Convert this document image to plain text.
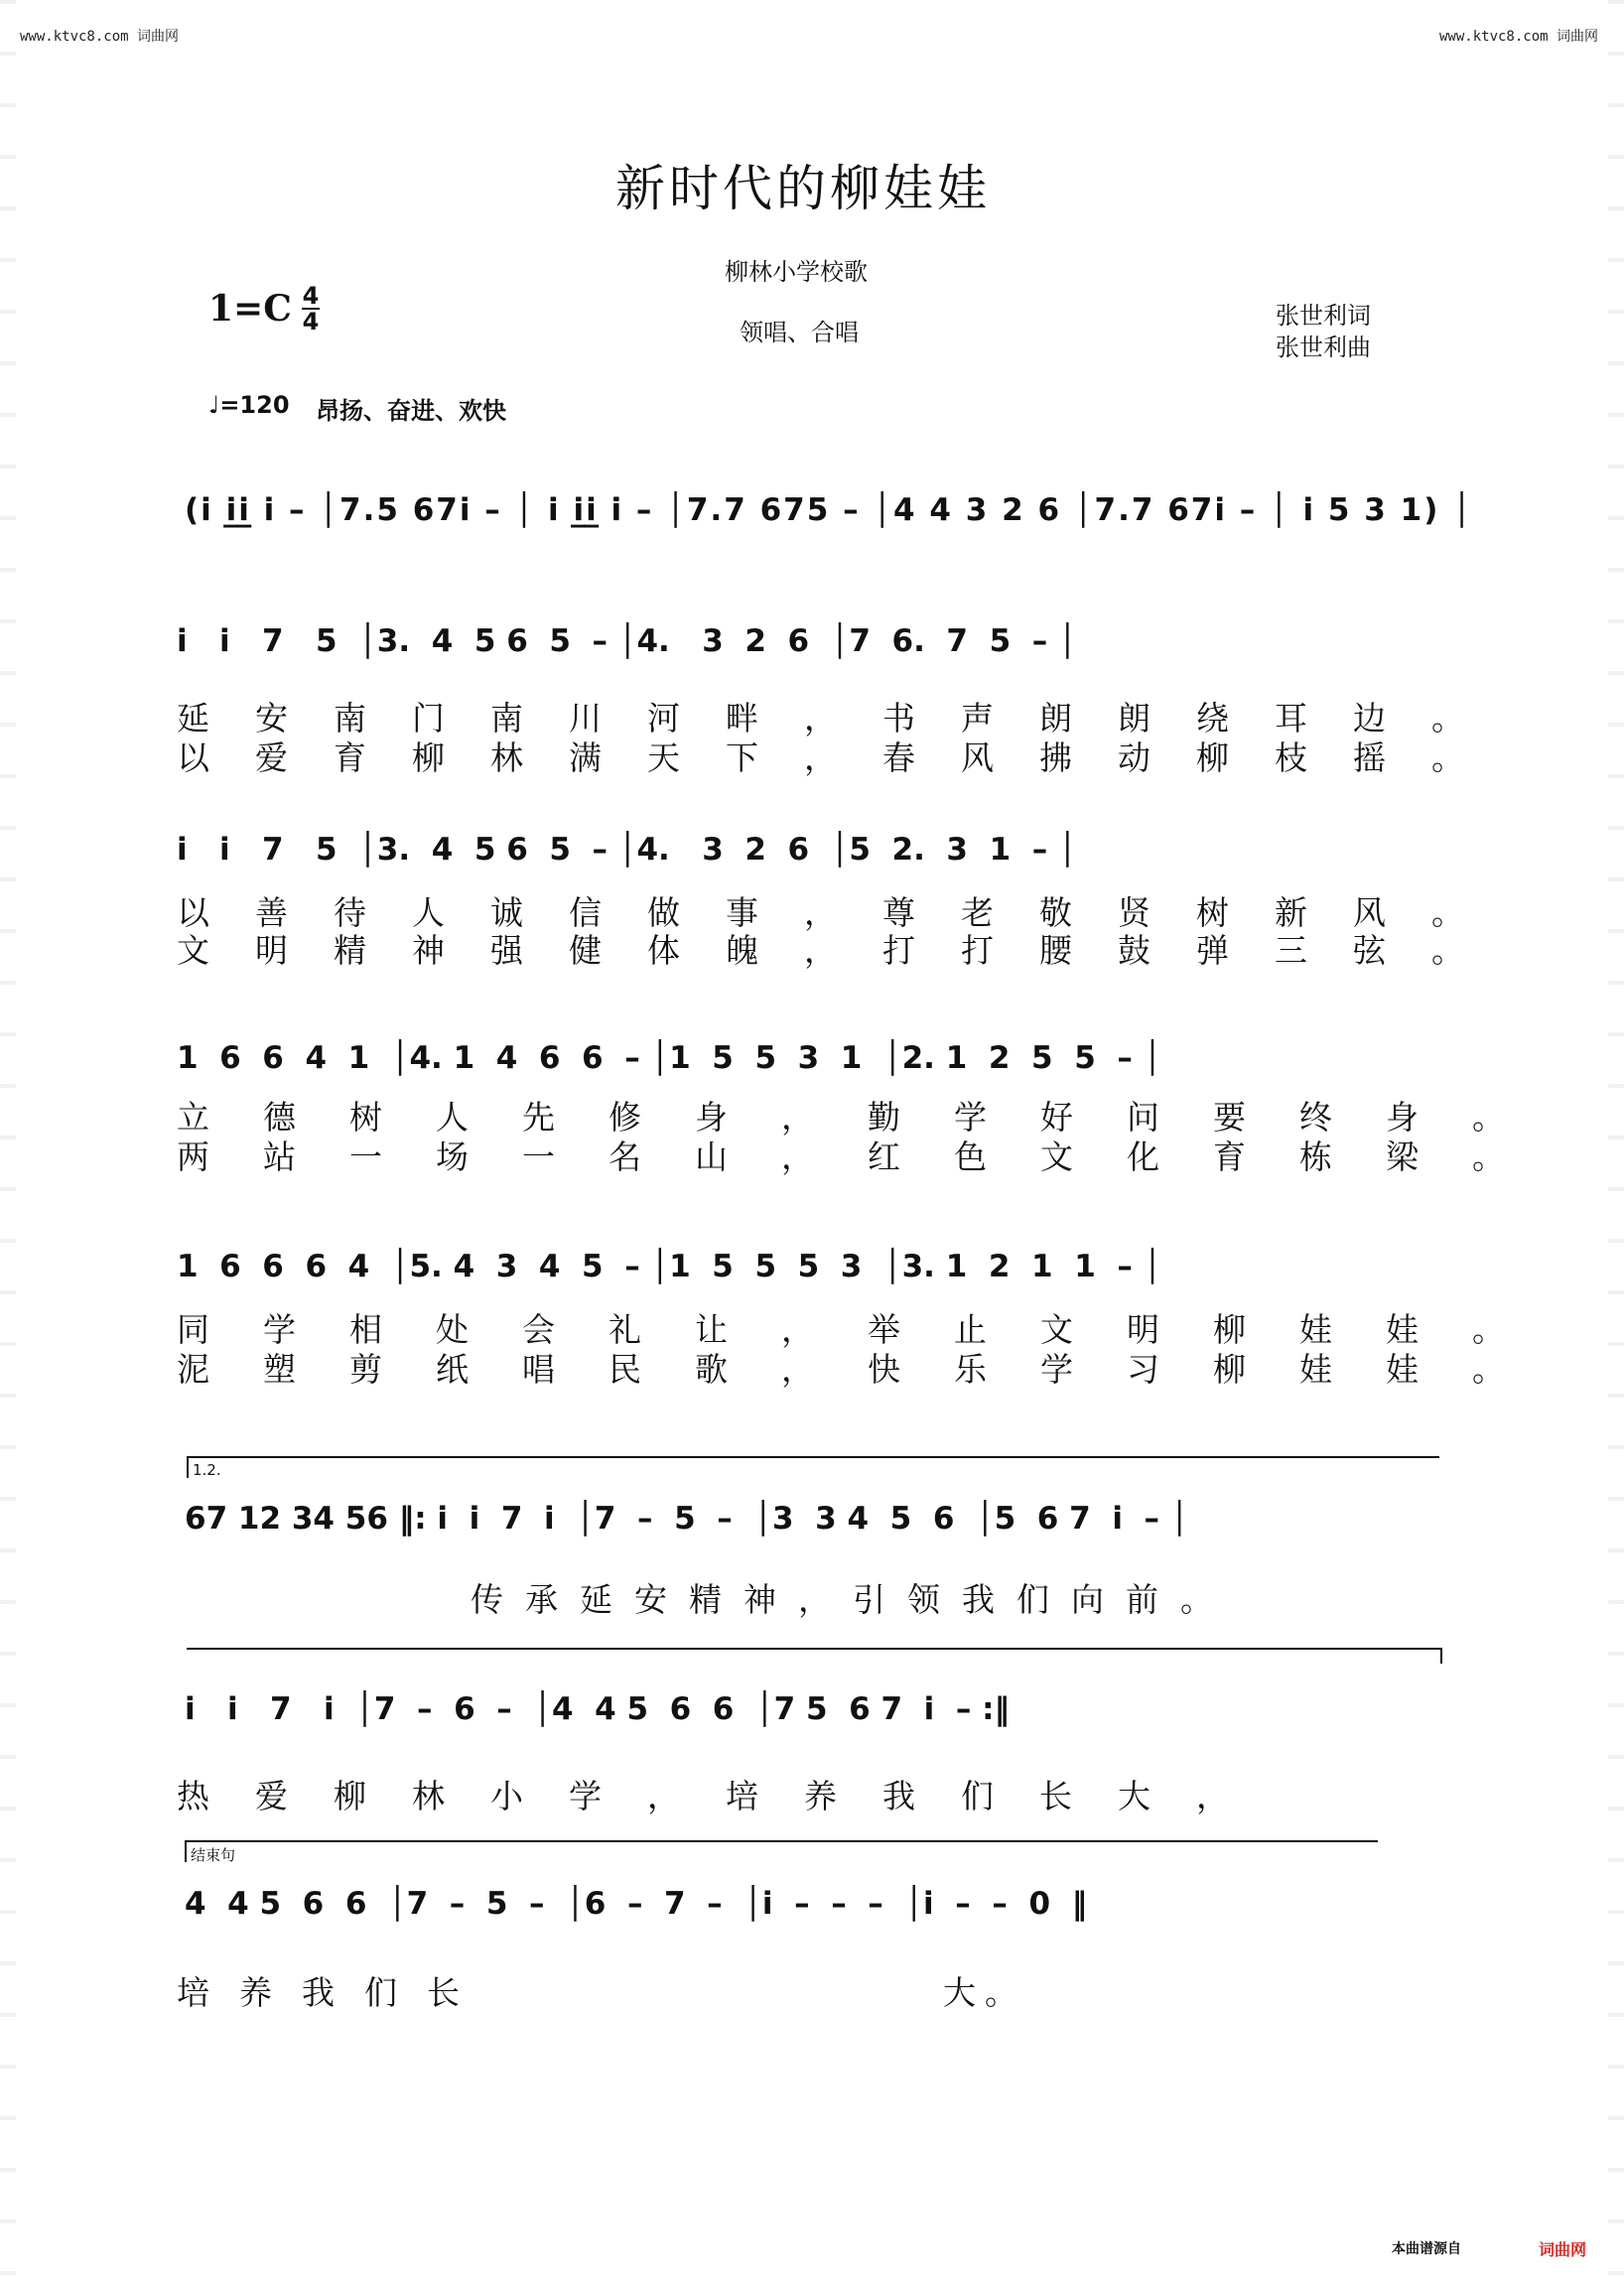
www.ktvc8.com 词曲网	www.ktvc8.com 词曲网
新时代的柳娃娃
柳林小学校歌
领唱、合唱
1=C 4
4	张世利词
张世利曲
♩=120 昂扬、奋进、欢快
(i i̲i̲ i – │7.5 67i – │ i i̲i̲ i – │7.7 675 – │4 4 3 2 6 │7.7 67i – │ i 5 3 1) │
i   i   7   5  │3.  4  5 6  5  – │4.   3  2  6  │7  6.  7  5  – │
延安南门南川河畔，书声朗朗绕耳边。
以爱育柳林满天下，春风拂动柳枝摇。
i   i   7   5  │3.  4  5 6  5  – │4.   3  2  6  │5  2.  3  1  – │
以善待人诚信做事，尊老敬贤树新风。
文明精神强健体魄，打打腰鼓弹三弦。
1  6  6  4  1  │4. 1  4  6  6  – │1  5  5  3  1  │2. 1  2  5  5  – │
立德树人先修身，勤学好问要终身。
两站一场一名山，红色文化育栋梁。
1  6  6  6  4  │5. 4  3  4  5  – │1  5  5  5  3  │3. 1  2  1  1  – │
同学相处会礼让，举止文明柳娃娃。
泥塑剪纸唱民歌，快乐学习柳娃娃。
1.2.
67 12 34 56 ‖: i  i  7  i  │7  –  5  –  │3  3 4  5  6  │5  6 7  i  – │
传承延安精神，引领我们向前。
i   i   7   i  │7  –  6  –  │4  4 5  6  6  │7 5  6 7  i  – :‖
热爱柳林小学，培养我们长大，
结束句
4  4 5  6  6  │7  –  5  –  │6  –  7  –  │i  –  –  –  │i  –  –  0  ‖
培养我们长	大。
本曲谱源自	词曲网
